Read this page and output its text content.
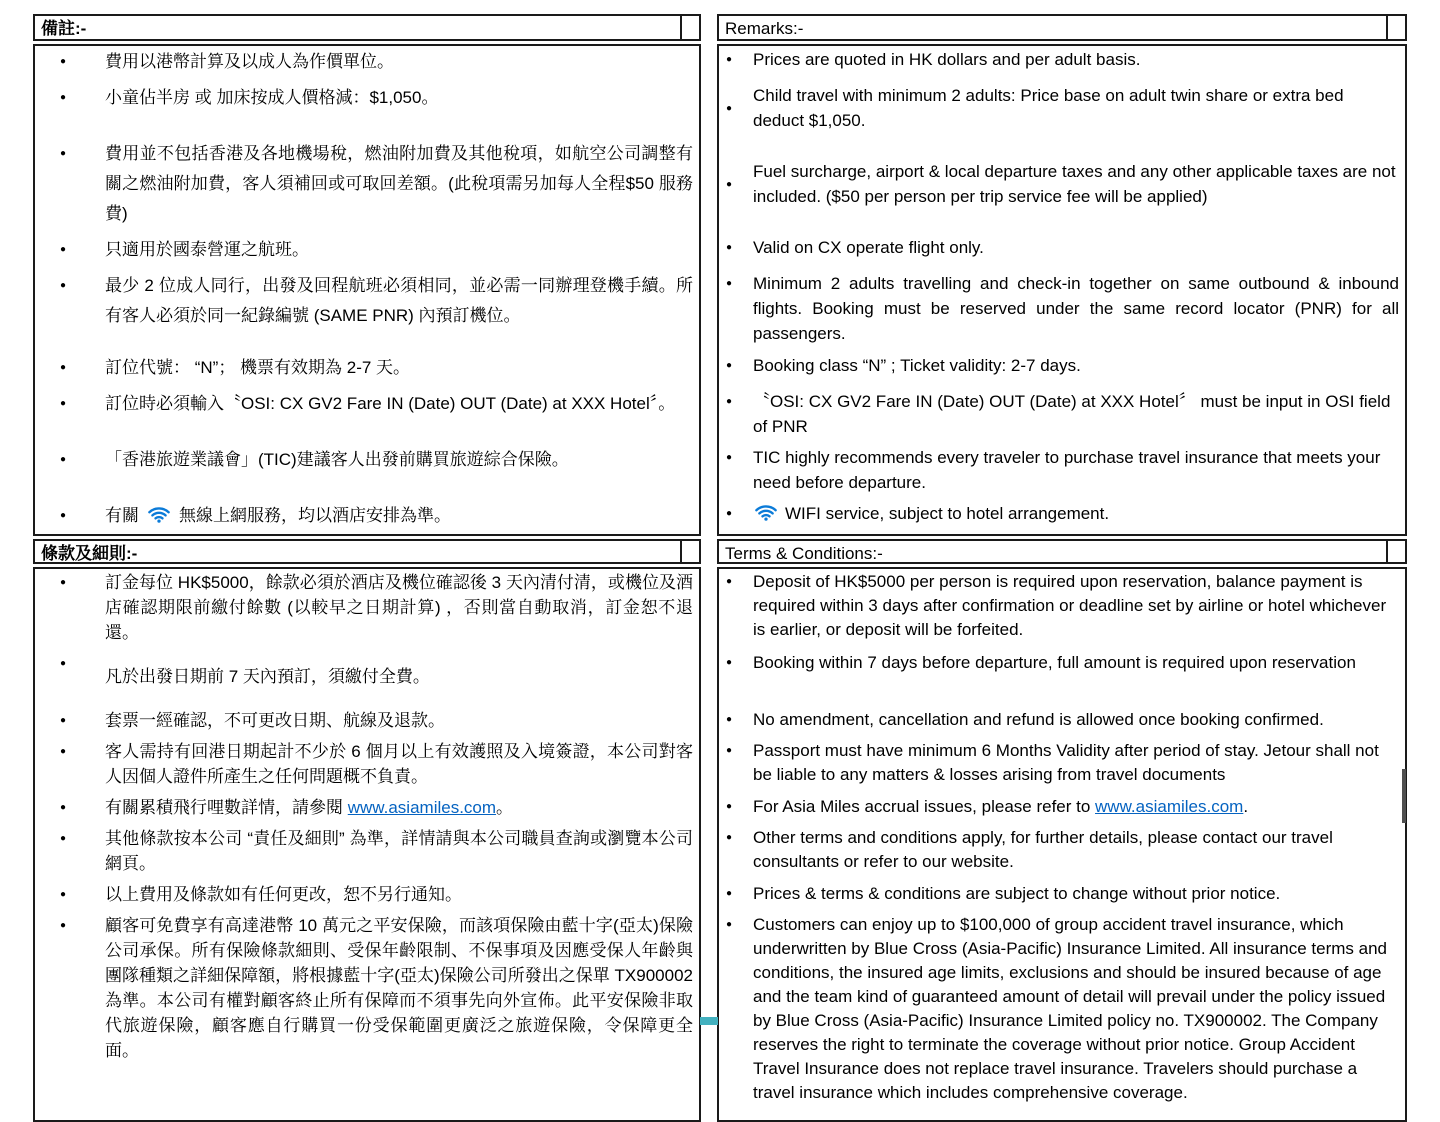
備註:-	Remarks:-
●	費用以港幣計算及以成人為作價單位。	●	Prices are quoted in HK dollars and per adult basis.
●	小童佔半房 或 加床按成人價格減：$1,050。
●
Child travel with minimum 2 adults: Price base on adult twin share or extra bed deduct $1,050.
●	費用並不包括香港及各地機場稅，燃油附加費及其他稅項，如航空公司調整有關之燃油附加費，客人須補回或可取回差額。(此稅項需另加每人全程$50 服務費)
●
Fuel surcharge, airport & local departure taxes and any other applicable taxes are not included. ($50 per person per trip service fee will be applied)
●	只適用於國泰營運之航班。	●	Valid on CX operate flight only.
●	最少 2 位成人同行，出發及回程航班必須相同，並必需一同辦理登機手續。所有客人必須於同一紀錄編號 (SAME PNR) 內預訂機位。
●	Minimum 2 adults travelling and check-in together on same outbound & inbound flights. Booking must be reserved under the same record locator (PNR) for all passengers.
●	訂位代號： “N”； 機票有效期為 2-7 天。	●	Booking class “N” ; Ticket validity: 2-7 days.
●	訂位時必須輸入〝OSI: CX GV2 Fare IN (Date) OUT (Date) at XXX Hotel〞。	●	〝OSI: CX GV2 Fare IN (Date) OUT (Date) at XXX Hotel〞 must be input in OSI field of PNR
●	「香港旅遊業議會」(TIC)建議客人出發前購買旅遊綜合保險。	●	TIC highly recommends every traveler to purchase travel insurance that meets your need before departure.
●	有關 無線上網服務，均以酒店安排為準。	●	WIFI service, subject to hotel arrangement.
條款及細則:-	Terms & Conditions:-
●	訂金每位 HK$5000，餘款必須於酒店及機位確認後 3 天內清付清，或機位及酒店確認期限前繳付餘數 (以較早之日期計算) ，否則當自動取消，訂金恕不退還。
●	Deposit of HK$5000 per person is required upon reservation, balance payment is required within 3 days after confirmation or deadline set by airline or hotel whichever is earlier, or deposit will be forfeited.
●
凡於出發日期前 7 天內預訂，須繳付全費。
●	Booking within 7 days before departure, full amount is required upon reservation
●	套票一經確認，不可更改日期、航線及退款。	●	No amendment, cancellation and refund is allowed once booking confirmed.
●	客人需持有回港日期起計不少於 6 個月以上有效護照及入境簽證，本公司對客人因個人證件所產生之任何問題概不負責。
●	Passport must have minimum 6 Months Validity after period of stay. Jetour shall not be liable to any matters & losses arising from travel documents
●	有關累積飛行哩數詳情，請參閱 www.asiamiles.com。	●	For Asia Miles accrual issues, please refer to www.asiamiles.com.
●	其他條款按本公司 “責任及細則” 為準，詳情請與本公司職員查詢或瀏覽本公司網頁。
●	Other terms and conditions apply, for further details, please contact our travel consultants or refer to our website.
●	以上費用及條款如有任何更改，恕不另行通知。	●	Prices & terms & conditions are subject to change without prior notice.
●	顧客可免費享有高達港幣 10 萬元之平安保險，而該項保險由藍十字(亞太)保險公司承保。所有保險條款細則、受保年齡限制、不保事項及因應受保人年齡與團隊種類之詳細保障額，將根據藍十字(亞太)保險公司所發出之保單 TX900002 為準。本公司有權對顧客終止所有保障而不須事先向外宣佈。此平安保險非取代旅遊保險，顧客應自行購買一份受保範圍更廣泛之旅遊保險，令保障更全面。
●	Customers can enjoy up to $100,000 of group accident travel insurance, which underwritten by Blue Cross (Asia-Pacific) Insurance Limited. All insurance terms and conditions, the insured age limits, exclusions and should be insured because of age and the team kind of guaranteed amount of detail will prevail under the policy issued by Blue Cross (Asia-Pacific) Insurance Limited policy no. TX900002. The Company reserves the right to terminate the coverage without prior notice. Group Accident Travel Insurance does not replace travel insurance. Travelers should purchase a travel insurance which includes comprehensive coverage.
